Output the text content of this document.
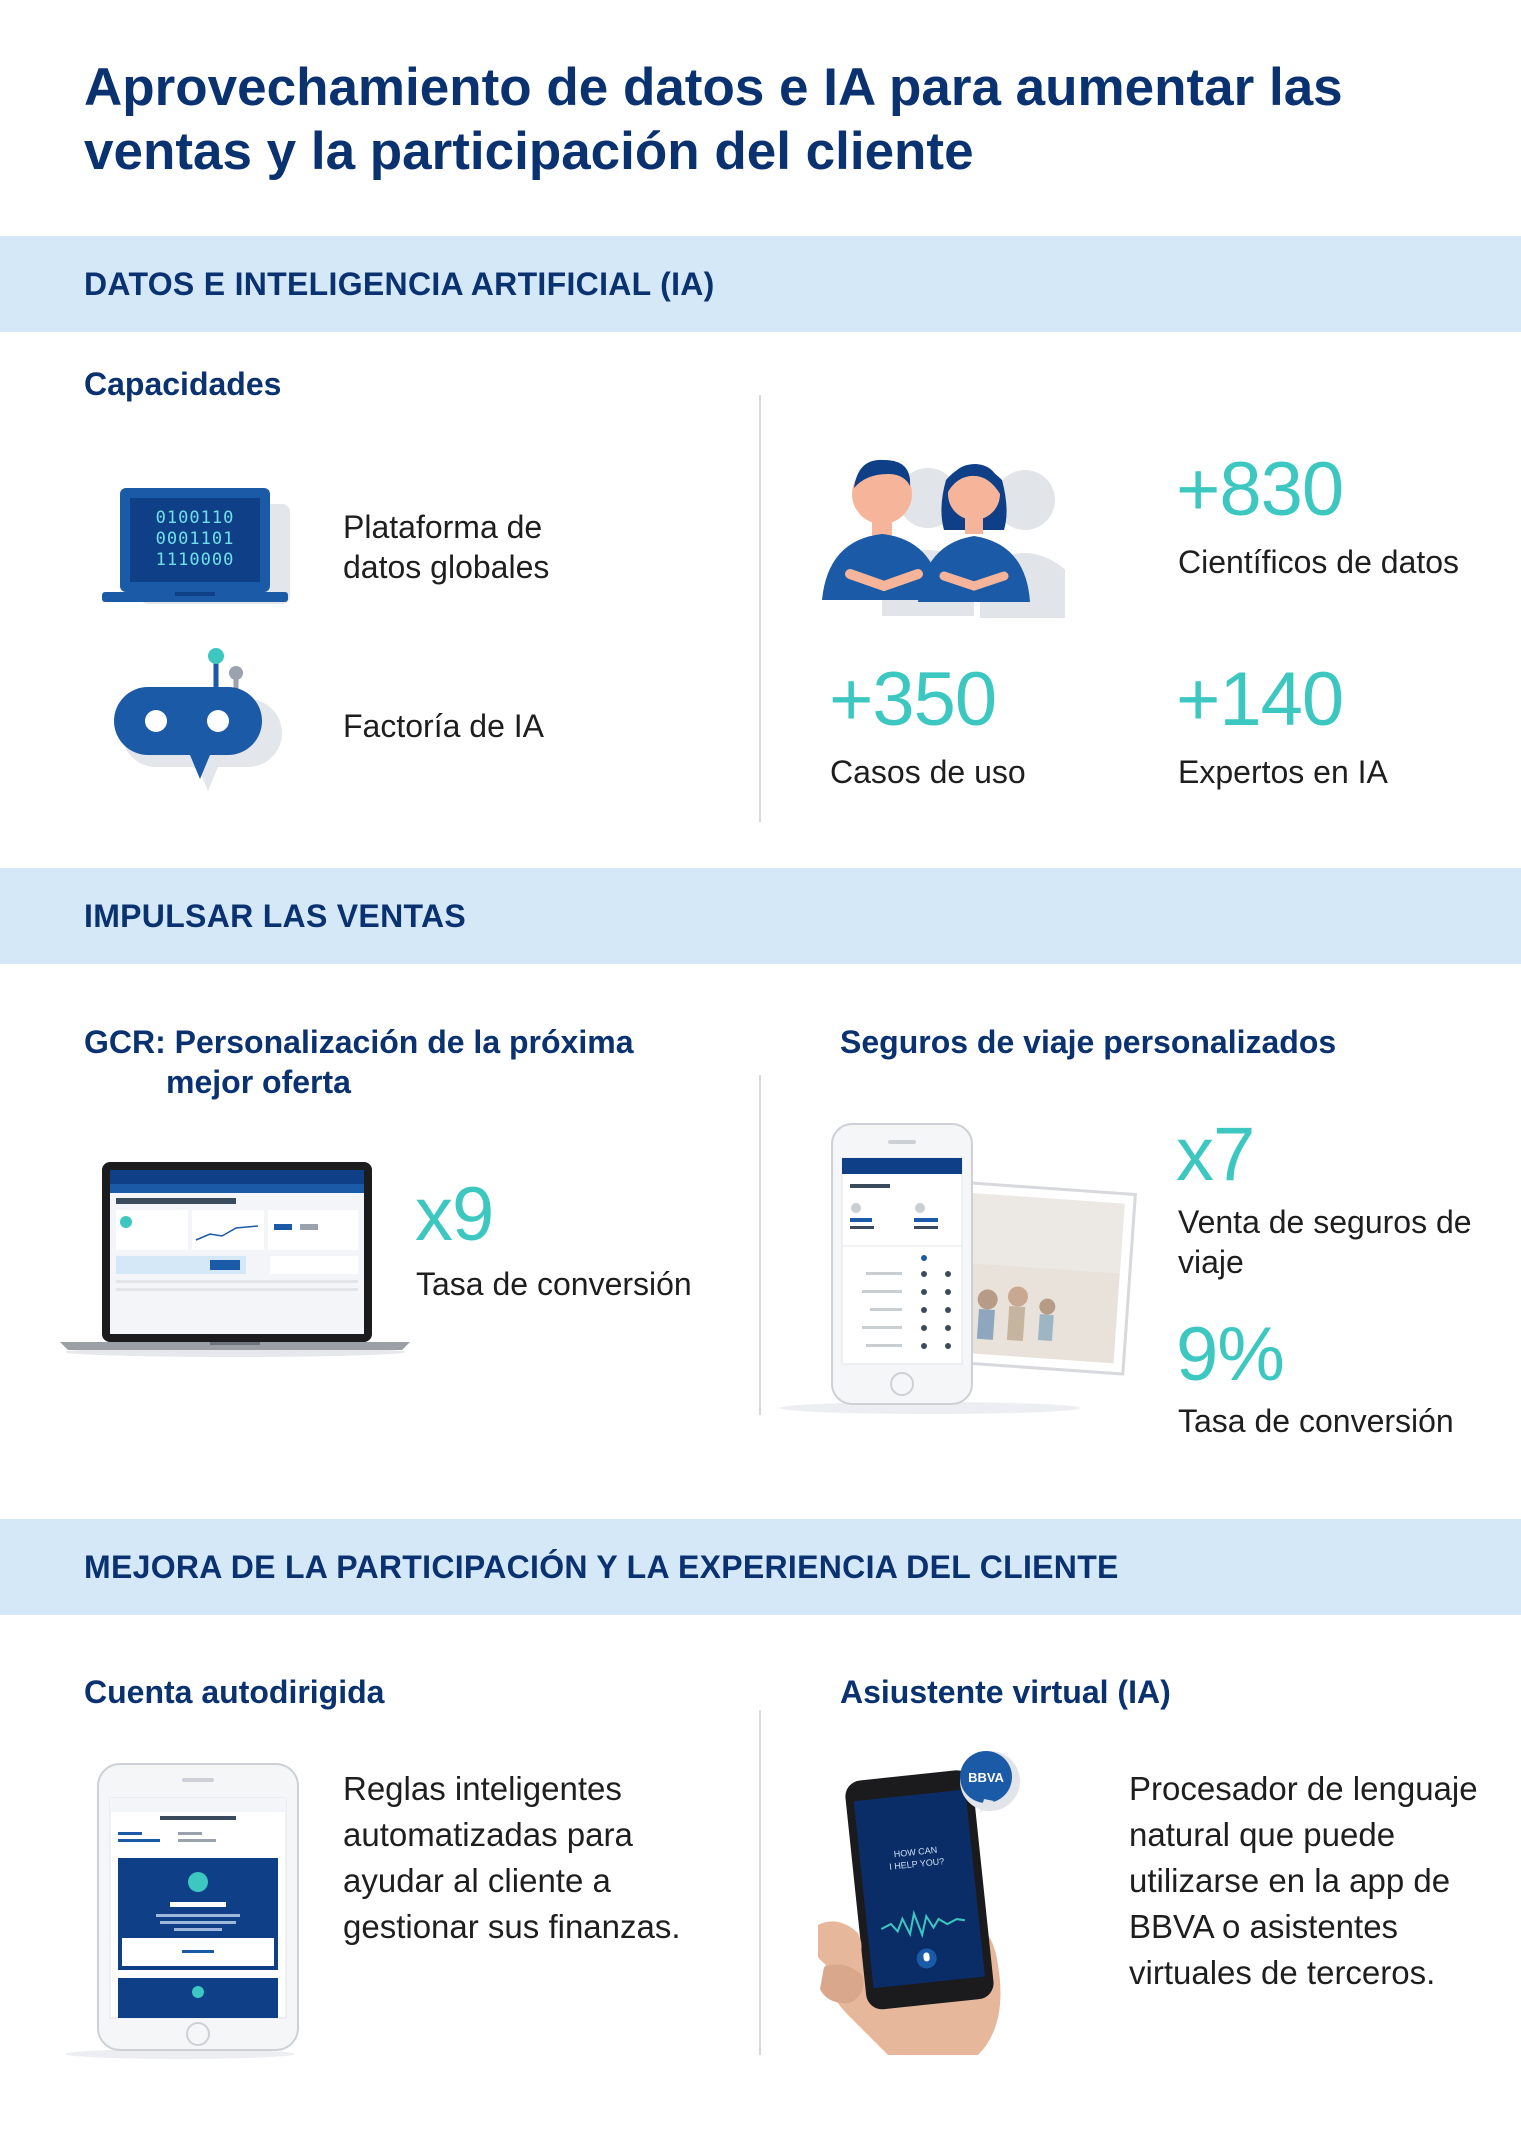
Aprovechamiento de datos e IA para aumentar las ventas y la participación del cliente
DATOS E INTELIGENCIA ARTIFICIAL (IA)
Capacidades
0100110
0001101
1110000
Plataforma de datos globales
Factoría de IA
+830
Científicos de datos
+350
Casos de uso
+140
Expertos en IA
IMPULSAR LAS VENTAS
GCR: Personalización de la próxima
mejor oferta
Seguros de viaje personalizados
x9
Tasa de conversión
x7
Venta de seguros de viaje
9%
Tasa de conversión
MEJORA DE LA PARTICIPACIÓN Y LA EXPERIENCIA DEL CLIENTE
Cuenta autodirigida	Asiustente virtual (IA)
Reglas inteligentes automatizadas para ayudar al cliente a gestionar sus finanzas.
HOW CAN
I HELP YOU?
BBVA	Procesador de lenguaje natural que puede utilizarse en la app de BBVA o asistentes virtuales de terceros.
